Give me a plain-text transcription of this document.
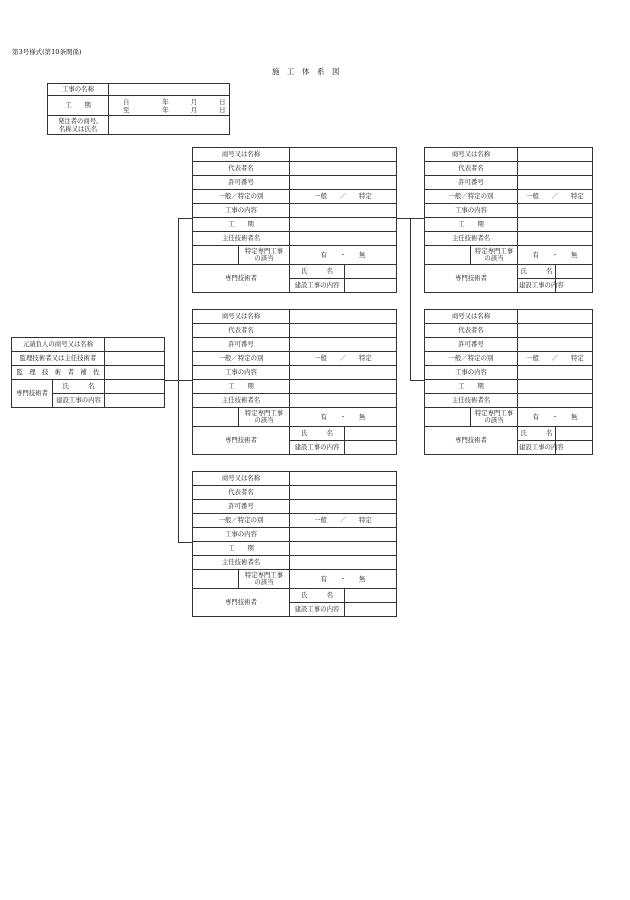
第3号様式(第10条関係)
施　工　体　系　図
工事の名称	
工　　期	自 年 月 日
至 年 月 日

発注者の商号,
名称又は氏名	

元請負人の商号又は名称		
監理技術者又は主任技術者		
監　理　技　術　者　補　佐		
専門技術者	氏　　　名	
	建設工事の内容	
商号又は名称			
代表者名			
許可番号			
一般／特定の別		一般　　／　　特定	
工事の内容			
工　　期			
主任技術者名			

	特定専門工事
の該当	有　　・　　無	
専門技術者		氏　　　名	
		建設工事の内容	
商号又は名称			
代表者名			
許可番号			
一般／特定の別		一般　　／　　特定	
工事の内容			
工　　期			
主任技術者名			

	特定専門工事
の該当	有　　・　　無	
専門技術者		氏　　　名	
		建設工事の内容	
商号又は名称			
代表者名			
許可番号			
一般／特定の別		一般　　／　　特定	
工事の内容			
工　　期			
主任技術者名			

	特定専門工事
の該当	有　　・　　無	
専門技術者		氏　　　名	
		建設工事の内容	
商号又は名称			
代表者名			
許可番号			
一般／特定の別		一般　　／　　特定	
工事の内容			
工　　期			
主任技術者名			

	特定専門工事
の該当	有　　・　　無	
専門技術者		氏　　　名	
		建設工事の内容	
商号又は名称			
代表者名			
許可番号			
一般／特定の別		一般　　／　　特定	
工事の内容			
工　　期			
主任技術者名			

	特定専門工事
の該当	有　　・　　無	
専門技術者		氏　　　名	
		建設工事の内容	
